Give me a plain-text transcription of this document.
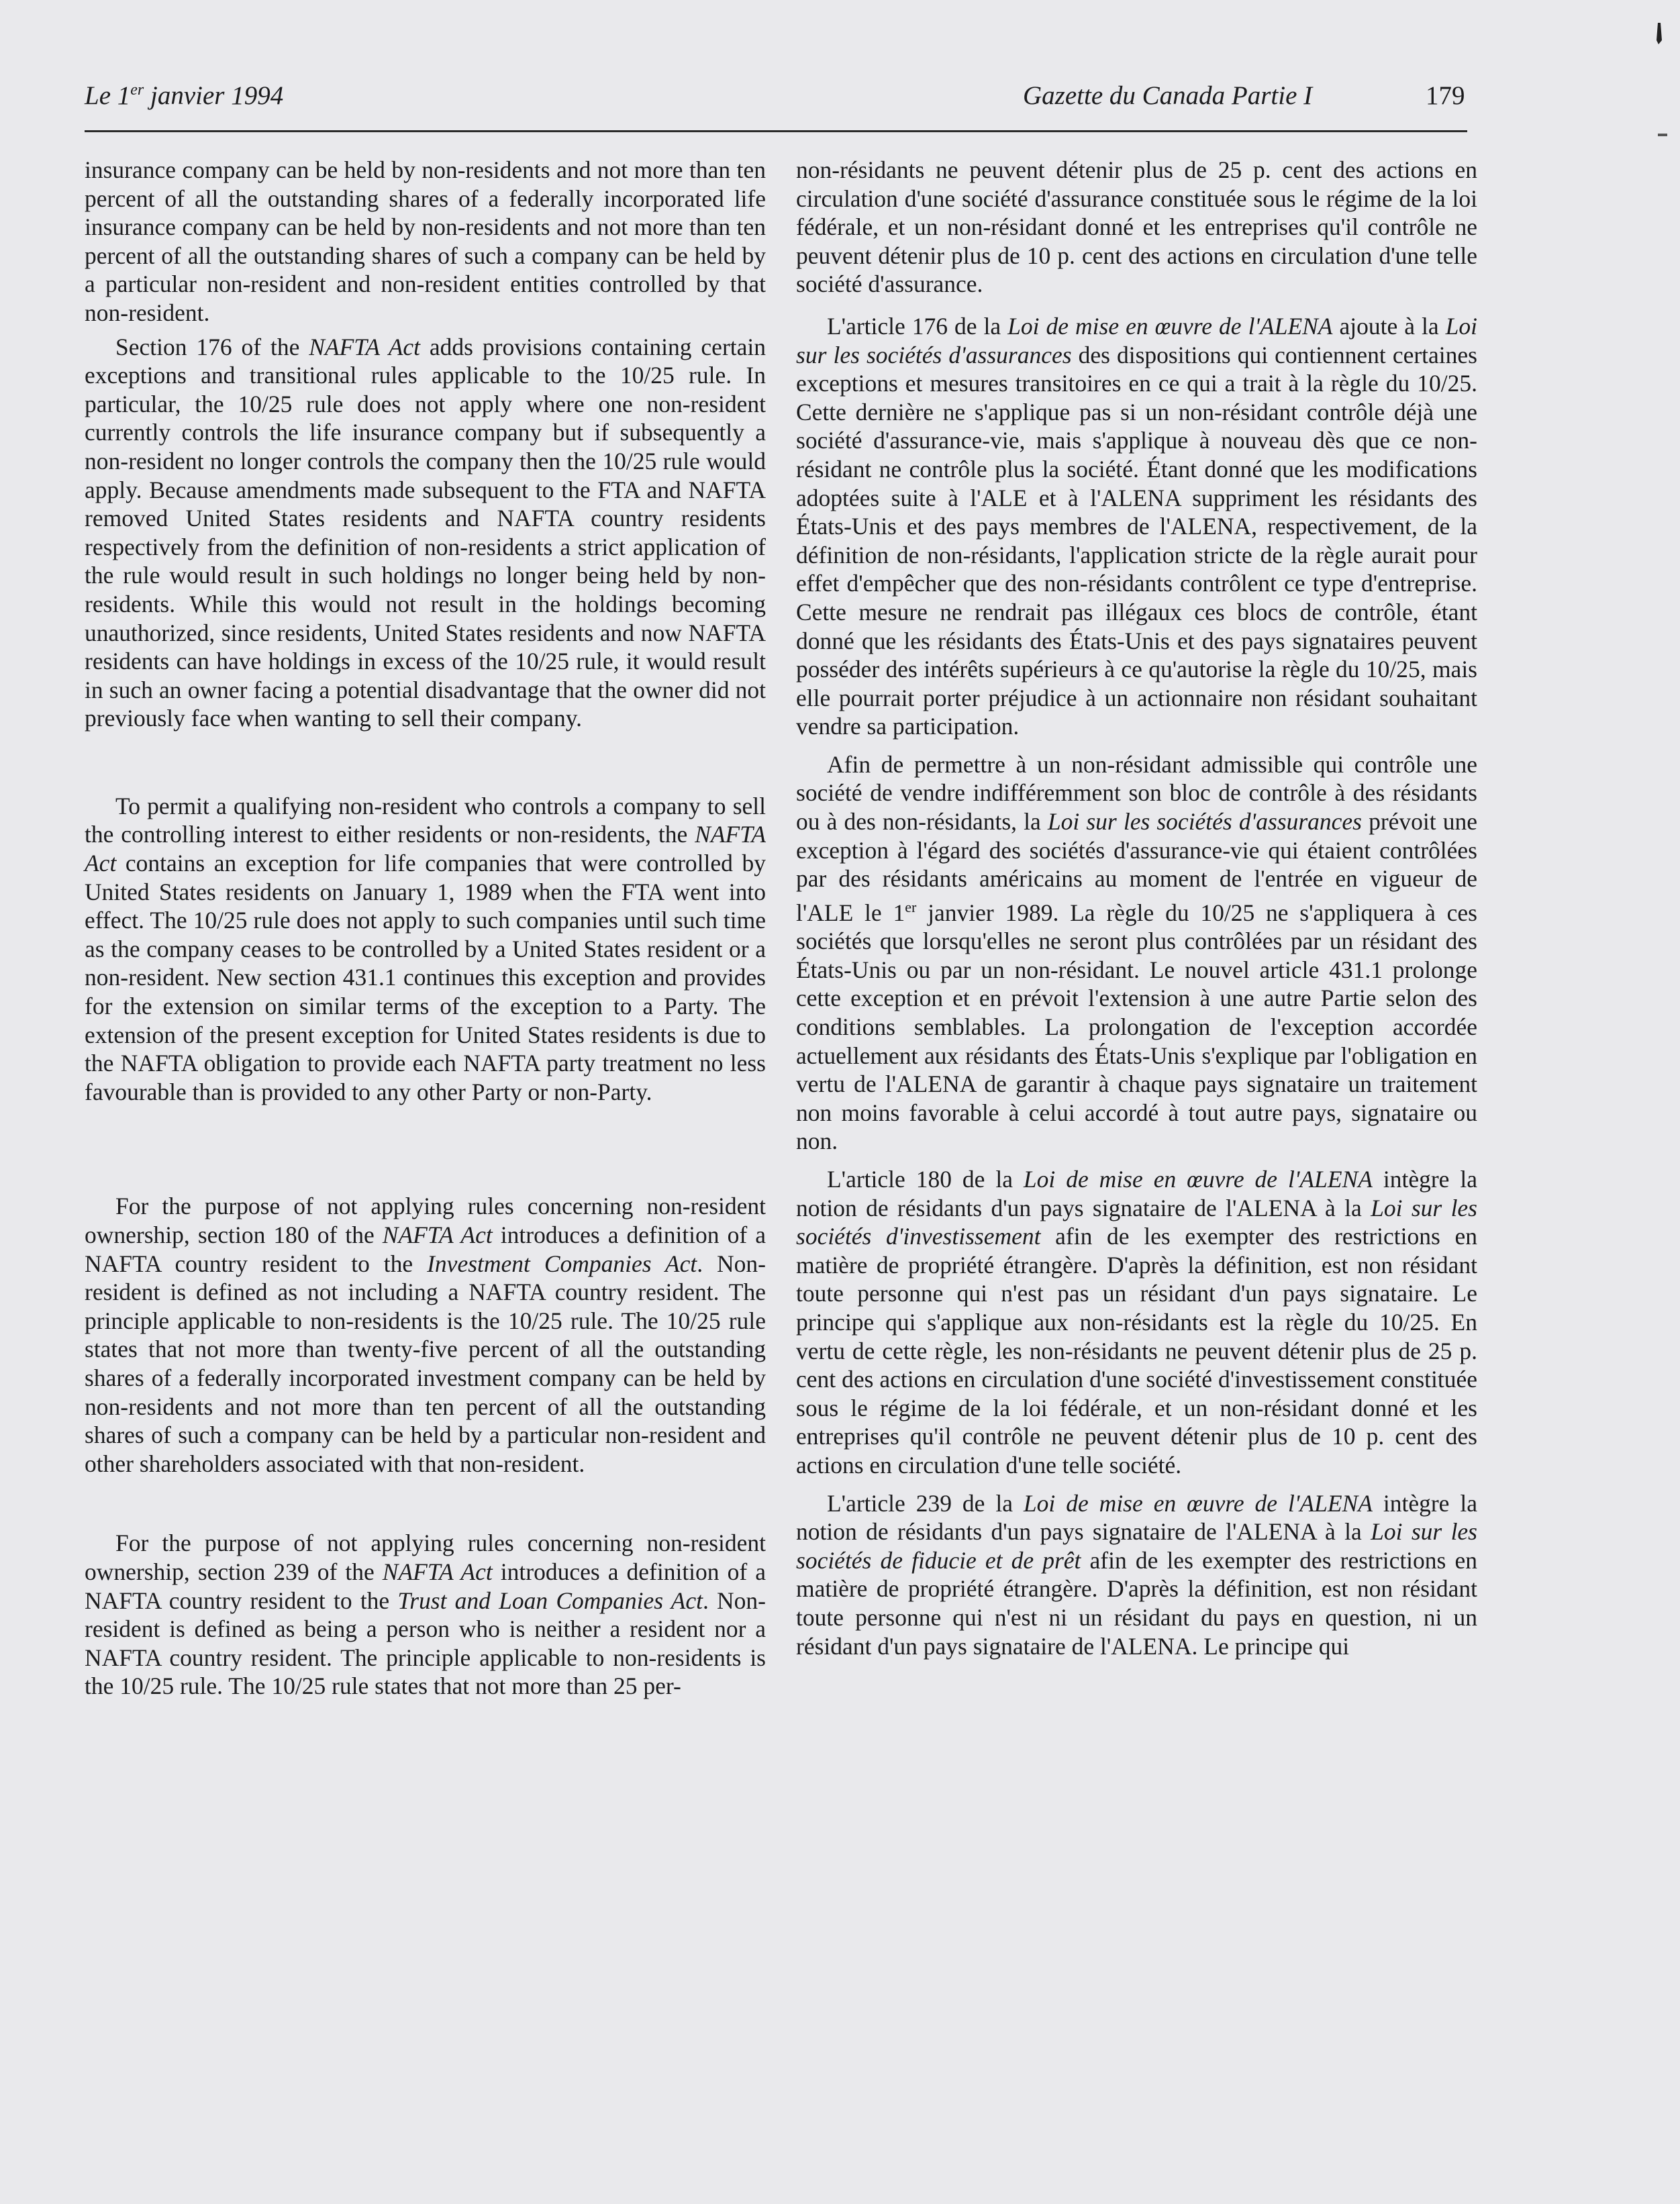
Le 1er janvier 1994	Gazette du Canada Partie I	179

insurance company can be held by non-residents and not more than ten percent of all the outstanding shares of a federally incorporated life insurance company can be held by non-residents and not more than ten percent of all the outstanding shares of such a company can be held by a particular non-resident and non-resident entities controlled by that non-resident.

Section 176 of the NAFTA Act adds provisions containing certain exceptions and transitional rules applicable to the 10/25 rule. In particular, the 10/25 rule does not apply where one non-resident currently controls the life insurance company but if subsequently a non-resident no longer controls the company then the 10/25 rule would apply. Because amendments made subsequent to the FTA and NAFTA removed United States residents and NAFTA country residents respectively from the definition of non-residents a strict application of the rule would result in such holdings no longer being held by non-residents. While this would not result in the holdings becoming unauthorized, since residents, United States residents and now NAFTA residents can have holdings in excess of the 10/25 rule, it would result in such an owner facing a potential disadvantage that the owner did not previously face when wanting to sell their company.

To permit a qualifying non-resident who controls a company to sell the controlling interest to either residents or non-residents, the NAFTA Act contains an exception for life companies that were controlled by United States residents on January 1, 1989 when the FTA went into effect. The 10/25 rule does not apply to such companies until such time as the company ceases to be controlled by a United States resident or a non-resident. New section 431.1 continues this exception and provides for the extension on similar terms of the exception to a Party. The extension of the present exception for United States residents is due to the NAFTA obligation to provide each NAFTA party treatment no less favourable than is provided to any other Party or non-Party.

For the purpose of not applying rules concerning non-resident ownership, section 180 of the NAFTA Act introduces a definition of a NAFTA country resident to the Investment Companies Act. Non-resident is defined as not including a NAFTA country resident. The principle applicable to non-residents is the 10/25 rule. The 10/25 rule states that not more than twenty-five percent of all the outstanding shares of a federally incorporated investment company can be held by non-residents and not more than ten percent of all the outstanding shares of such a company can be held by a particular non-resident and other shareholders associated with that non-resident.

For the purpose of not applying rules concerning non-resident ownership, section 239 of the NAFTA Act introduces a definition of a NAFTA country resident to the Trust and Loan Companies Act. Non-resident is defined as being a person who is neither a resident nor a NAFTA country resident. The principle applicable to non-residents is the 10/25 rule. The 10/25 rule states that not more than 25 per-

non-résidants ne peuvent détenir plus de 25 p. cent des actions en circulation d'une société d'assurance constituée sous le régime de la loi fédérale, et un non-résidant donné et les entreprises qu'il contrôle ne peuvent détenir plus de 10 p. cent des actions en circulation d'une telle société d'assurance.

L'article 176 de la Loi de mise en œuvre de l'ALENA ajoute à la Loi sur les sociétés d'assurances des dispositions qui contiennent certaines exceptions et mesures transitoires en ce qui a trait à la règle du 10/25. Cette dernière ne s'applique pas si un non-résidant contrôle déjà une société d'assurance-vie, mais s'applique à nouveau dès que ce non-résidant ne contrôle plus la société. Étant donné que les modifications adoptées suite à l'ALE et à l'ALENA suppriment les résidants des États-Unis et des pays membres de l'ALENA, respectivement, de la définition de non-résidants, l'application stricte de la règle aurait pour effet d'empêcher que des non-résidants contrôlent ce type d'entreprise. Cette mesure ne rendrait pas illégaux ces blocs de contrôle, étant donné que les résidants des États-Unis et des pays signataires peuvent posséder des intérêts supérieurs à ce qu'autorise la règle du 10/25, mais elle pourrait porter préjudice à un actionnaire non résidant souhaitant vendre sa participation.

Afin de permettre à un non-résidant admissible qui contrôle une société de vendre indifféremment son bloc de contrôle à des résidants ou à des non-résidants, la Loi sur les sociétés d'assurances prévoit une exception à l'égard des sociétés d'assurance-vie qui étaient contrôlées par des résidants américains au moment de l'entrée en vigueur de l'ALE le 1er janvier 1989. La règle du 10/25 ne s'appliquera à ces sociétés que lorsqu'elles ne seront plus contrôlées par un résidant des États-Unis ou par un non-résidant. Le nouvel article 431.1 prolonge cette exception et en prévoit l'extension à une autre Partie selon des conditions semblables. La prolongation de l'exception accordée actuellement aux résidants des États-Unis s'explique par l'obligation en vertu de l'ALENA de garantir à chaque pays signataire un traitement non moins favorable à celui accordé à tout autre pays, signataire ou non.

L'article 180 de la Loi de mise en œuvre de l'ALENA intègre la notion de résidants d'un pays signataire de l'ALENA à la Loi sur les sociétés d'investissement afin de les exempter des restrictions en matière de propriété étrangère. D'après la définition, est non résidant toute personne qui n'est pas un résidant d'un pays signataire. Le principe qui s'applique aux non-résidants est la règle du 10/25. En vertu de cette règle, les non-résidants ne peuvent détenir plus de 25 p. cent des actions en circulation d'une société d'investissement constituée sous le régime de la loi fédérale, et un non-résidant donné et les entreprises qu'il contrôle ne peuvent détenir plus de 10 p. cent des actions en circulation d'une telle société.

L'article 239 de la Loi de mise en œuvre de l'ALENA intègre la notion de résidants d'un pays signataire de l'ALENA à la Loi sur les sociétés de fiducie et de prêt afin de les exempter des restrictions en matière de propriété étrangère. D'après la définition, est non résidant toute personne qui n'est ni un résidant du pays en question, ni un résidant d'un pays signataire de l'ALENA. Le principe qui
